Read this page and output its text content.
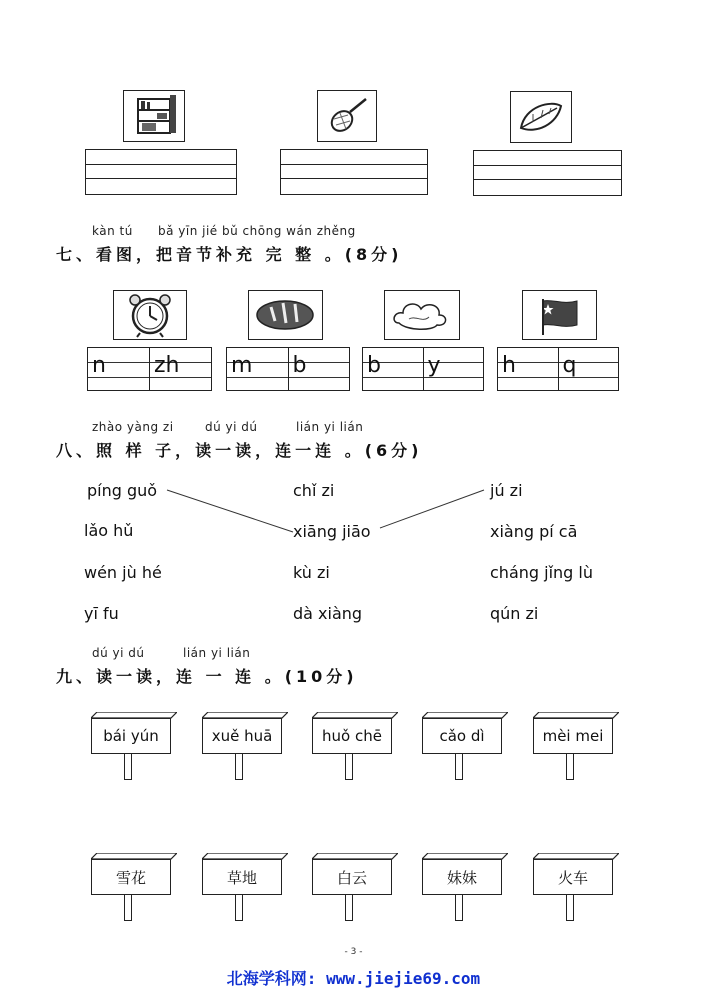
kàn tú bǎ yīn jié bǔ chōng wán zhěng
七、看图，把音节补充 完 整 。(8分)
n zh m b	b y	h q
zhào yàng zi	dú yi dú	lián yi lián
八、照 样 子，读一读，连一连 。(6分)
píng guǒ
lǎo hǔ
wén jù hé
yī fu
chǐ zi
xiāng jiāo
kù zi
dà xiàng
jú zi
xiàng pí cā
cháng jǐng lù
qún zi
dú yi dú	lián yi lián
九、读一读，连 一 连 。(10分)
bái yún	xuě huā	huǒ chē	cǎo dì	mèi mei
雪花	草地	白云	妹妹	火车
- 3 -
北海学科网: www.jiejie69.com
